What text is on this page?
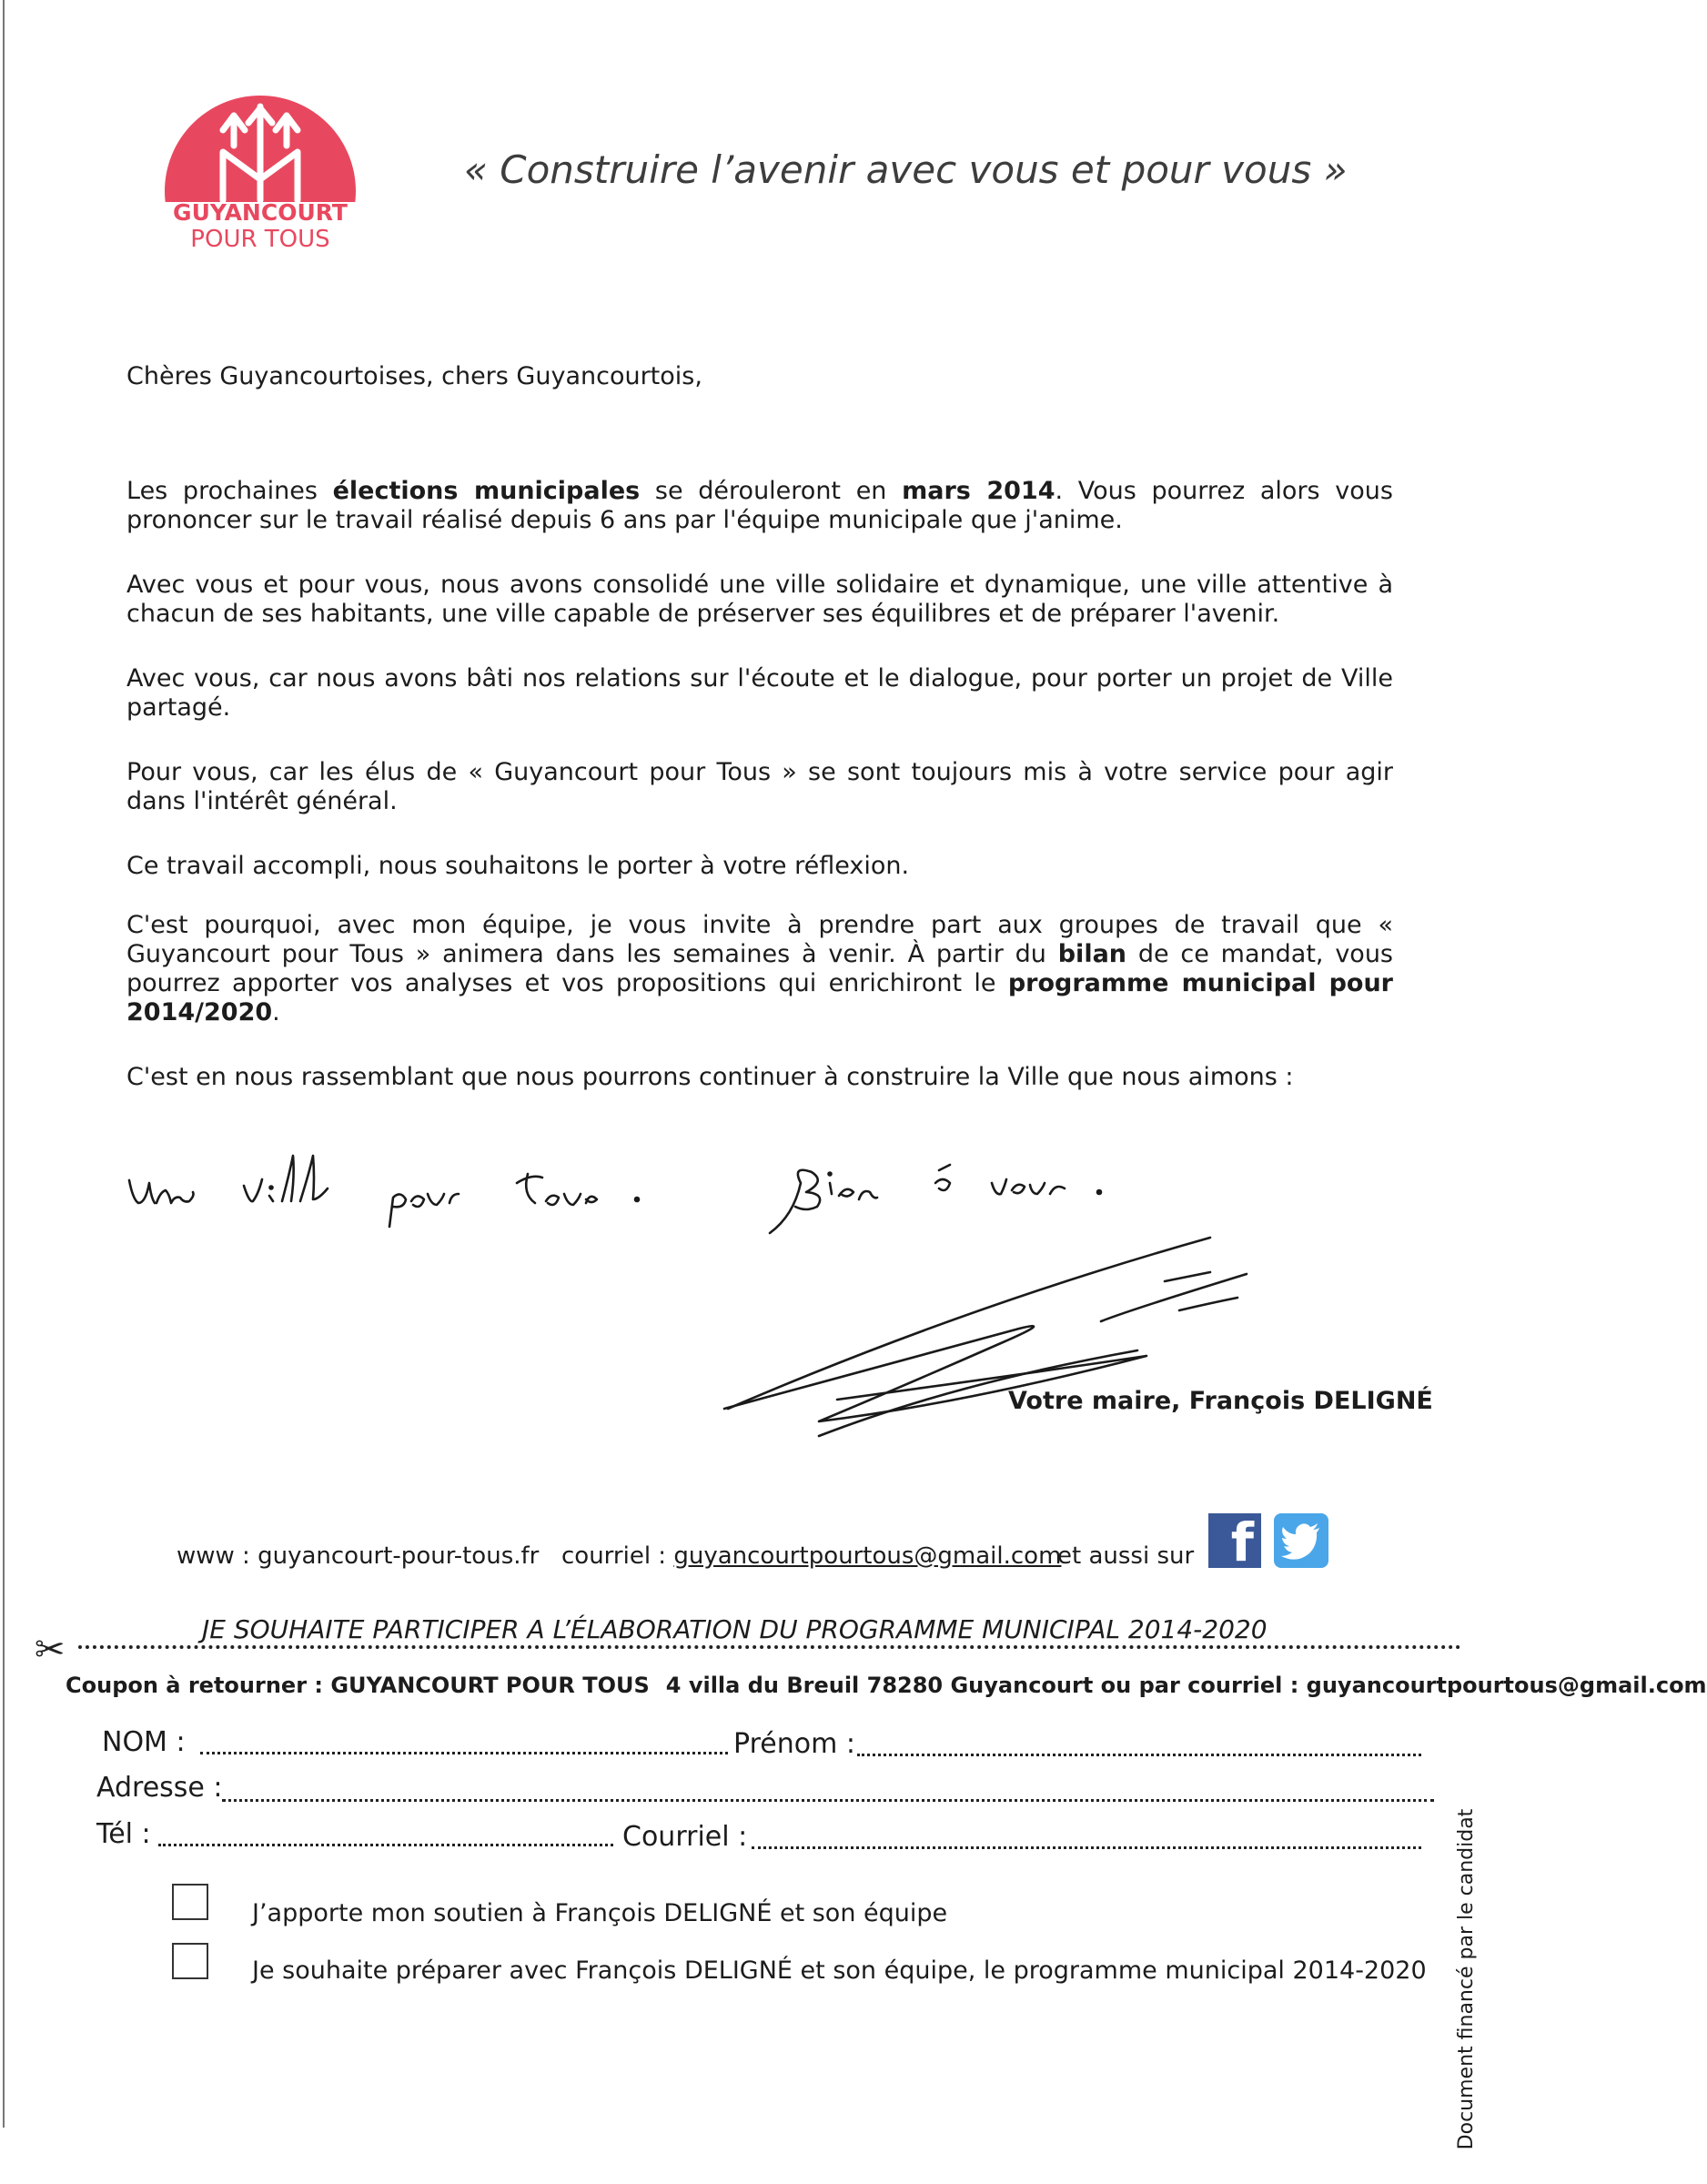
GUYANCOURT
POUR TOUS
« Construire l’avenir avec vous et pour vous »
Chères Guyancourtoises, chers Guyancourtois,

Les prochaines élections municipales se dérouleront en mars 2014. Vous pourrez alors vous prononcer sur le travail réalisé depuis 6 ans par l'équipe municipale que j'anime.

Avec vous et pour vous, nous avons consolidé une ville solidaire et dynamique, une ville attentive à chacun de ses habitants, une ville capable de préserver ses équilibres et de préparer l'avenir.

Avec vous, car nous avons bâti nos relations sur l'écoute et le dialogue, pour porter un projet de Ville partagé.

Pour vous, car les élus de « Guyancourt pour Tous » se sont toujours mis à votre service pour agir dans l'intérêt général.

Ce travail accompli, nous souhaitons le porter à votre réflexion.

C'est pourquoi, avec mon équipe, je vous invite à prendre part aux groupes de travail que « Guyancourt pour Tous » animera dans les semaines à venir. À partir du bilan de ce mandat, vous pourrez apporter vos analyses et vos propositions qui enrichiront le programme municipal pour 2014/2020.

C'est en nous rassemblant que nous pourrons continuer à construire la Ville que nous aimons :

Votre maire, François DELIGNÉ
www : guyancourt-pour-tous.fr courriel : guyancourtpourtous@gmail.com
et aussi sur f
JE SOUHAITE PARTICIPER A L’ÉLABORATION DU PROGRAMME MUNICIPAL 2014-2020
✂
Coupon à retourner : GUYANCOURT POUR TOUS 4 villa du Breuil 78280 Guyancourt ou par courriel : guyancourtpourtous@gmail.com
NOM :	Prénom :
Adresse :
Tél :	Courriel :
J’apporte mon soutien à François DELIGNÉ et son équipe
Je souhaite préparer avec François DELIGNÉ et son équipe, le programme municipal 2014-2020 Document financé par le candidat
